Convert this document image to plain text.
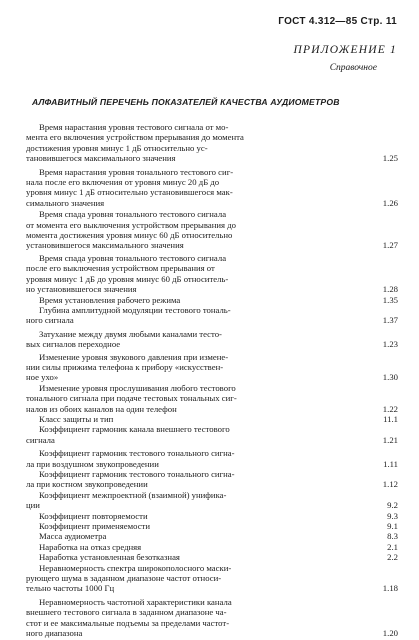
ГОСТ 4.312—85 Стр. 11
ПРИЛОЖЕНИЕ 1
Справочное
АЛФАВИТНЫЙ ПЕРЕЧЕНЬ ПОКАЗАТЕЛЕЙ КАЧЕСТВА АУДИОМЕТРОВ
Время нарастания уровня тестового сигнала от мо-
мента его включения устройством прерывания до момента
достижения уровня минус 1 дБ относительно ус-
тановившегося максимального значения	1.25
Время нарастания уровня тонального тестового сиг-
нала после его включения от уровня минус 20 дБ до
уровня минус 1 дБ относительно установившегося мак-
симального значения	1.26
Время спада уровня тонального тестового сигнала
от момента его выключения устройством прерывания до
момента достижения уровня минус 60 дБ относительно
установившегося максимального значения	1.27
Время спада уровня тонального тестового сигнала
после его выключения устройством прерывания от
уровня минус 1 дБ до уровня минус 60 дБ относитель-
но установившегося значения	1.28
Время установления рабочего режима	1.35
Глубина амплитудной модуляции тестового тональ-
ного сигнала	1.37
Затухание между двумя любыми каналами тесто-
вых сигналов переходное	1.23
Изменение уровня звукового давления при измене-
нии силы прижима телефона к прибору «искусствен-
ное ухо»	1.30
Изменение уровня прослушивания любого тестового
тонального сигнала при подаче тестовых тональных сиг-
налов из обоих каналов на один телефон	1.22
Класс защиты и тип	11.1
Коэффициент гармоник канала внешнего тестового
сигнала	1.21
Коэффициент гармоник тестового тонального сигна-
ла при воздушном звукопроведении	1.11
Коэффициент гармоник тестового тонального сигна-
ла при костном звукопроведении	1.12
Коэффициент межпроектной (взаимной) унифика-
ции	9.2
Коэффициент повторяемости	9.3
Коэффициент применяемости	9.1
Масса аудиометра	8.3
Наработка на отказ средняя	2.1
Наработка установленная безотказная	2.2
Неравномерность спектра широкополосного маски-
рующего шума в заданном диапазоне частот относи-
тельно частоты 1000 Гц	1.18
Неравномерность частотной характеристики канала
внешнего тестового сигнала в заданном диапазоне ча-
стот и ее максимальные подъемы за пределами частот-
ного диапазона	1.20
